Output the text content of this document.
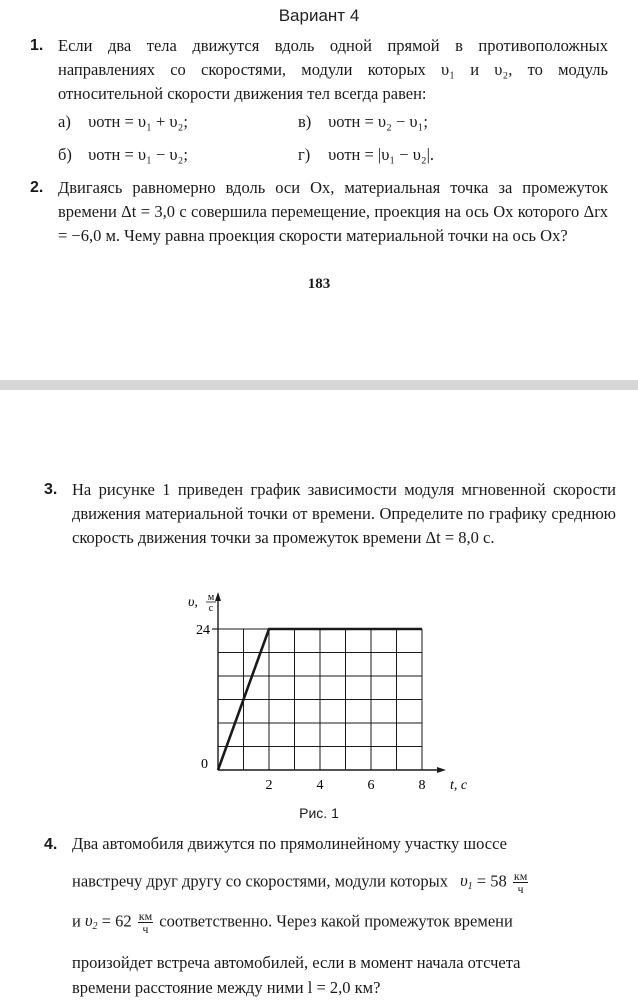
Вариант 4
1. Если два тела движутся вдоль одной прямой в противоположных направлениях со скоростями, модули которых υ₁ и υ₂, то модуль относительной скорости движения тел всегда равен:
а) υотн = υ₁ + υ₂;	в) υотн = υ₂ − υ₁;
б) υотн = υ₁ − υ₂;	г) υотн = |υ₁ − υ₂|.
2. Двигаясь равномерно вдоль оси Ox, материальная точка за промежуток времени Δt = 3,0 с совершила перемещение, проекция на ось Ox которого Δrx = −6,0 м. Чему равна проекция скорости материальной точки на ось Ox?
183
3. На рисунке 1 приведен график зависимости модуля мгновенной скорости движения материальной точки от времени. Определите по графику среднюю скорость движения точки за промежуток времени Δt = 8,0 с.
24
2	4	6	8
0
t, с
υ, м
с
Рис. 1
4. Два автомобиля движутся по прямолинейному участку шоссе
навстречу друг другу со скоростями, модули которых $\upsilon_1 = 58 \frac{км}{ч}$
и $\upsilon_2 = 62 \frac{км}{ч}$ соответственно. Через какой промежуток времени
произойдет встреча автомобилей, если в момент начала отсчета
времени расстояние между ними l = 2,0 км?
